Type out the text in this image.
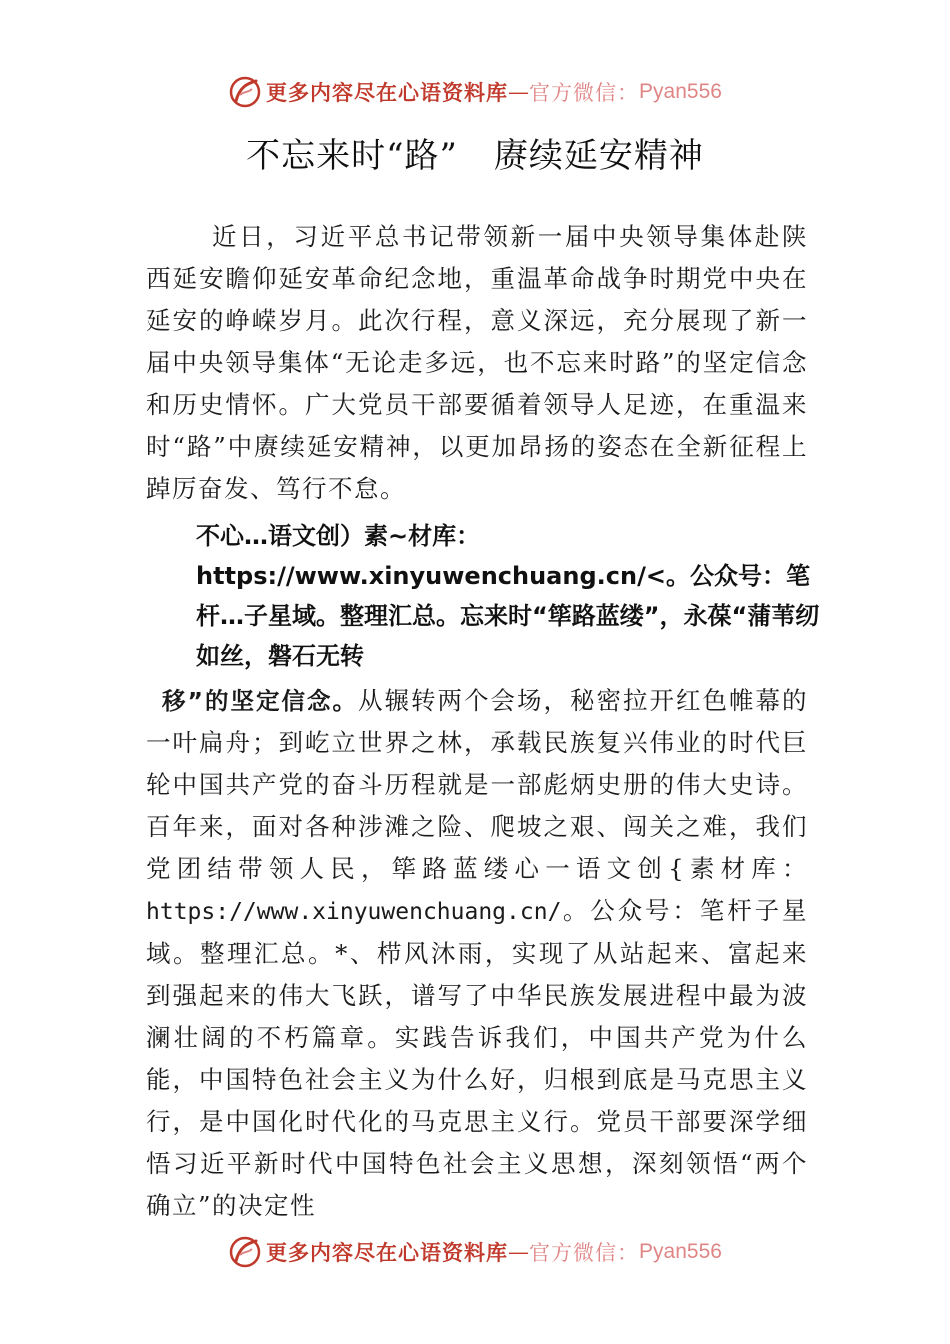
更多内容尽在心语资料库 — 官方微信： Pyan556
不忘来时“路” 赓续延安精神
近日，习近平总书记带领新一届中央领导集体赴陕西延安瞻仰延安革命纪念地，重温革命战争时期党中央在延安的峥嵘岁月。此次行程，意义深远，充分展现了新一届中央领导集体“无论走多远，也不忘来时路”的坚定信念和历史情怀。广大党员干部要循着领导人足迹，在重温来时“路”中赓续延安精神，以更加昂扬的姿态在全新征程上踔厉奋发、笃行不怠。
不心…语文创）素~材库：https://www.xinyuwenchuang.cn/<。公众号：笔杆…子星域。整理汇总。忘来时“筚路蓝缕”，永葆“蒲苇纫如丝，磐石无转
移”的坚定信念。从辗转两个会场，秘密拉开红色帷幕的一叶扁舟；到屹立世界之林，承载民族复兴伟业的时代巨轮中国共产党的奋斗历程就是一部彪炳史册的伟大史诗。百年来，面对各种涉滩之险、爬坡之艰、闯关之难，我们党团结带领人民，筚路蓝缕心一语文创{素材库：https://www.xinyuwenchuang.cn/。公众号：笔杆子星域。整理汇总。*、栉风沐雨，实现了从站起来、富起来到强起来的伟大飞跃，谱写了中华民族发展进程中最为波澜壮阔的不朽篇章。实践告诉我们，中国共产党为什么能，中国特色社会主义为什么好，归根到底是马克思主义行，是中国化时代化的马克思主义行。党员干部要深学细悟习近平新时代中国特色社会主义思想，深刻领悟“两个确立”的决定性
更多内容尽在心语资料库 — 官方微信： Pyan556
